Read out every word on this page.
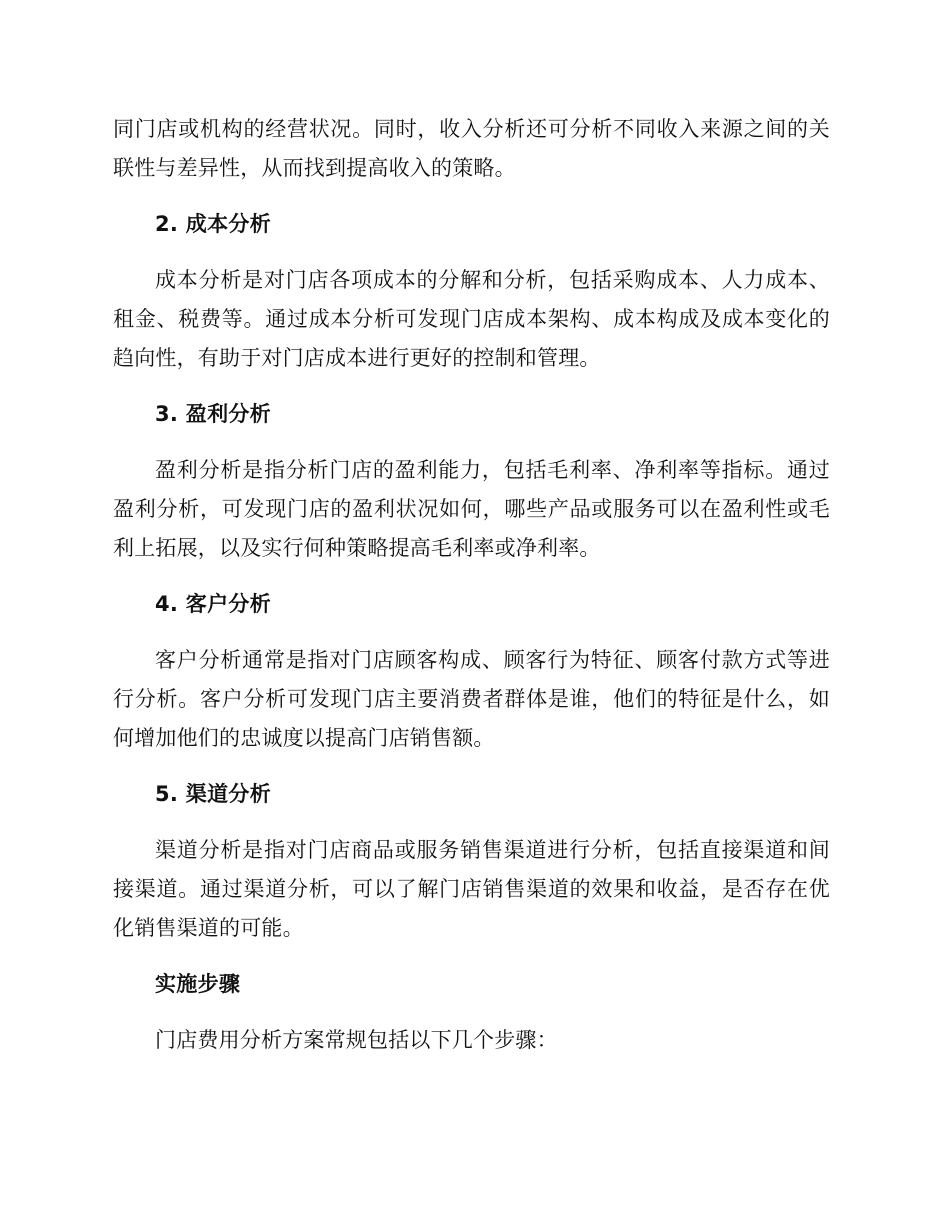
同门店或机构的经营状况。同时，收入分析还可分析不同收入来源之间的关联性与差异性，从而找到提高收入的策略。

2. 成本分析

成本分析是对门店各项成本的分解和分析，包括采购成本、人力成本、租金、税费等。通过成本分析可发现门店成本架构、成本构成及成本变化的趋向性，有助于对门店成本进行更好的控制和管理。

3. 盈利分析

盈利分析是指分析门店的盈利能力，包括毛利率、净利率等指标。通过盈利分析，可发现门店的盈利状况如何，哪些产品或服务可以在盈利性或毛利上拓展，以及实行何种策略提高毛利率或净利率。

4. 客户分析

客户分析通常是指对门店顾客构成、顾客行为特征、顾客付款方式等进行分析。客户分析可发现门店主要消费者群体是谁，他们的特征是什么，如何增加他们的忠诚度以提高门店销售额。

5. 渠道分析

渠道分析是指对门店商品或服务销售渠道进行分析，包括直接渠道和间接渠道。通过渠道分析，可以了解门店销售渠道的效果和收益，是否存在优化销售渠道的可能。

实施步骤

门店费用分析方案常规包括以下几个步骤：
